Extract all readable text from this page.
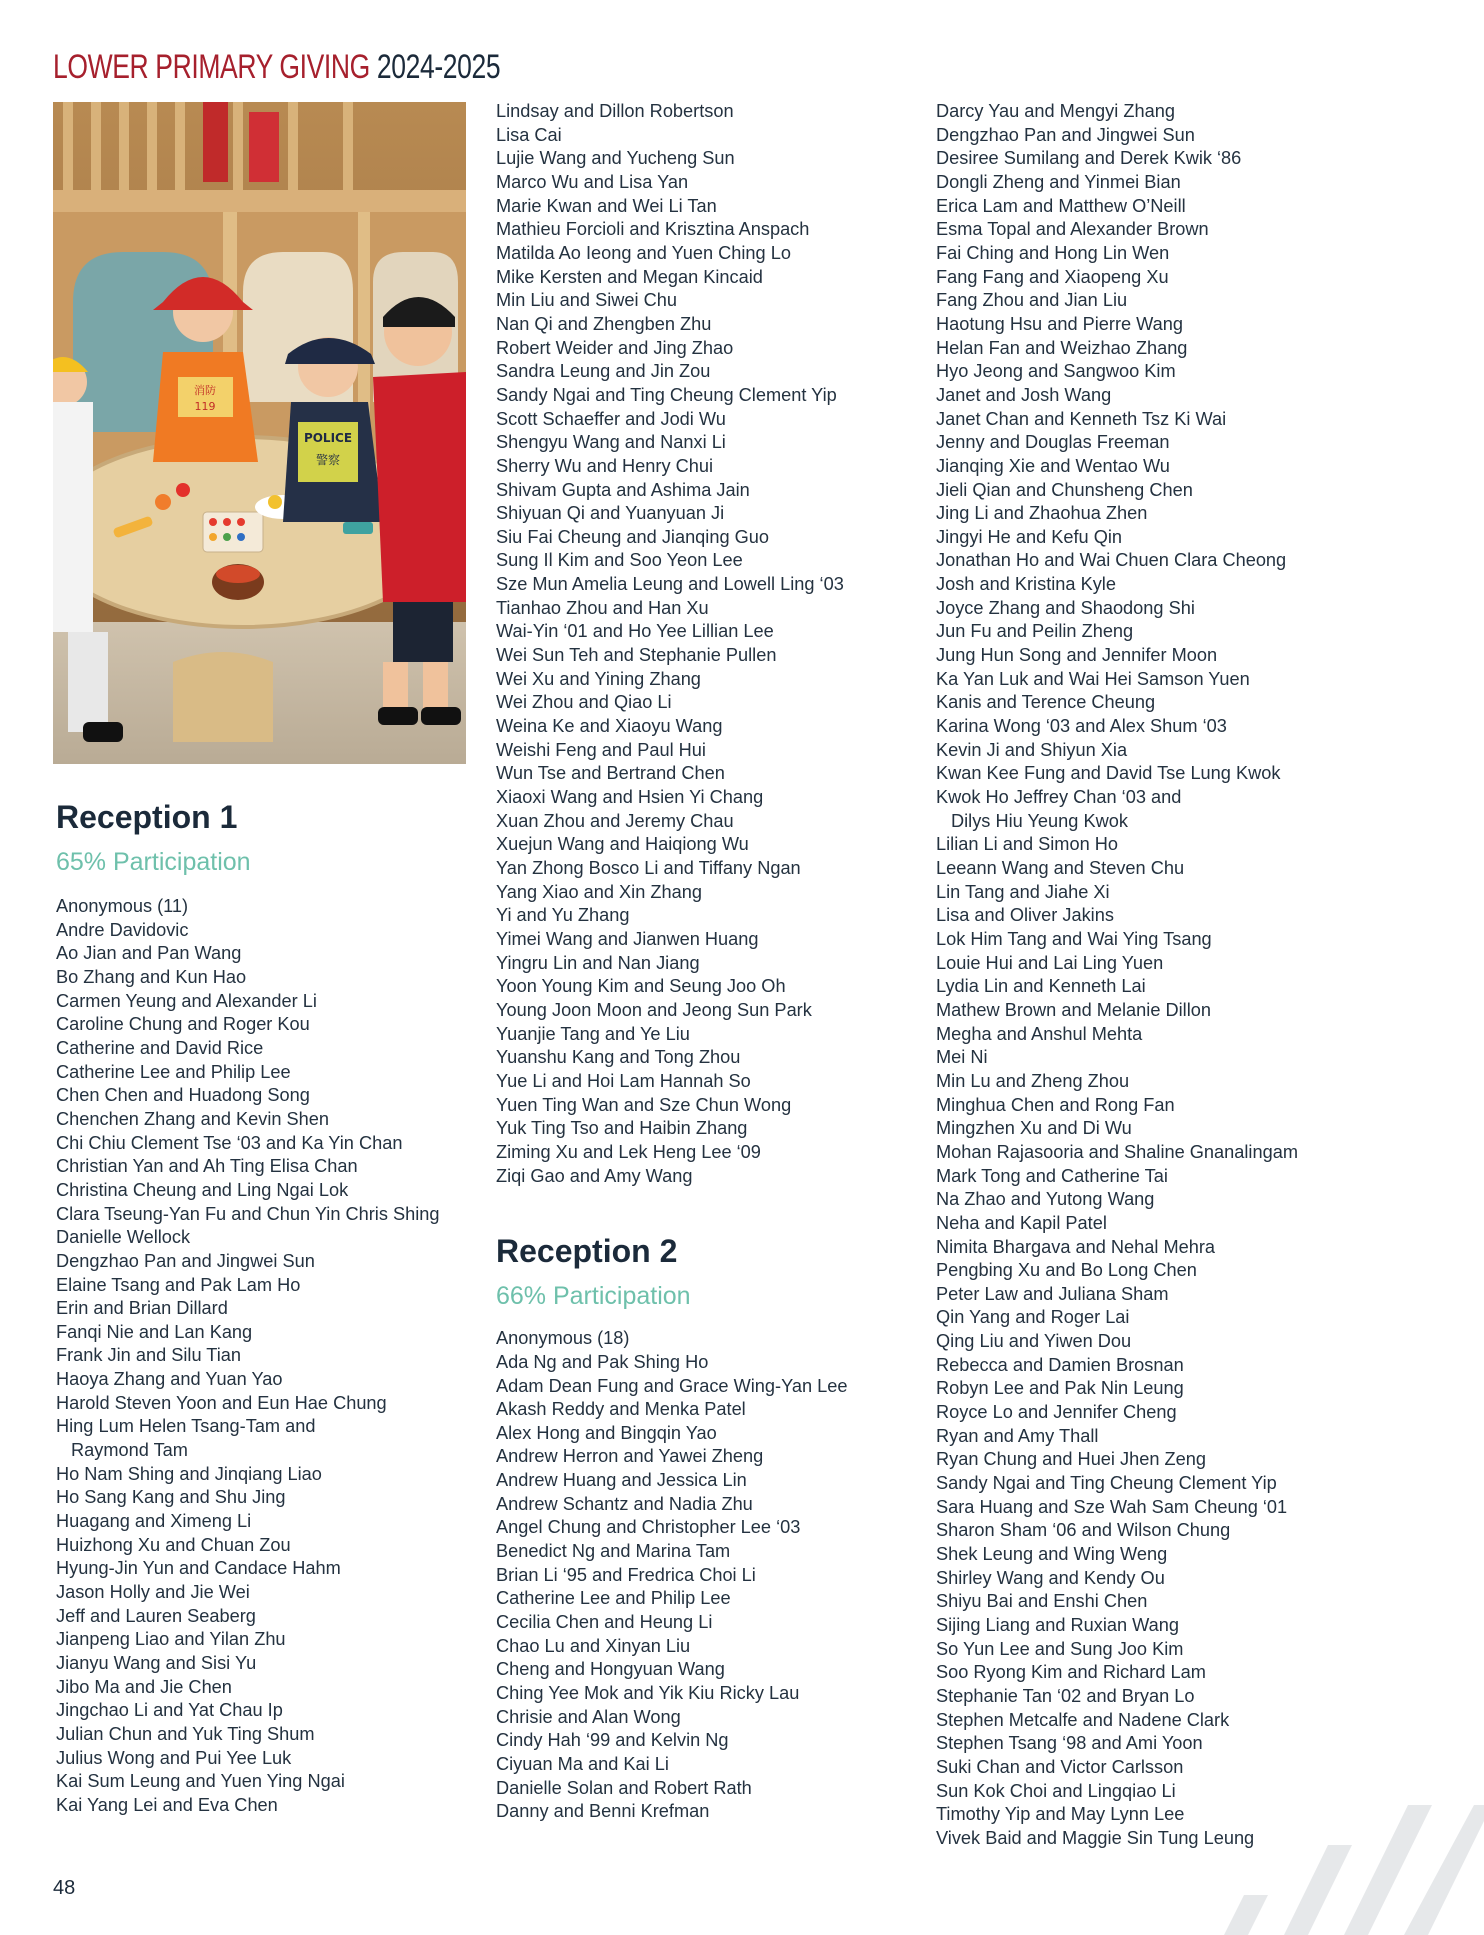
LOWER PRIMARY GIVING 2024-2025
消防
119
POLICE
警察
Reception 1
65% Participation
Anonymous (11)
Andre Davidovic
Ao Jian and Pan Wang
Bo Zhang and Kun Hao
Carmen Yeung and Alexander Li
Caroline Chung and Roger Kou
Catherine and David Rice
Catherine Lee and Philip Lee
Chen Chen and Huadong Song
Chenchen Zhang and Kevin Shen
Chi Chiu Clement Tse ‘03 and Ka Yin Chan
Christian Yan and Ah Ting Elisa Chan
Christina Cheung and Ling Ngai Lok
Clara Tseung-Yan Fu and Chun Yin Chris Shing
Danielle Wellock
Dengzhao Pan and Jingwei Sun
Elaine Tsang and Pak Lam Ho
Erin and Brian Dillard
Fanqi Nie and Lan Kang
Frank Jin and Silu Tian
Haoya Zhang and Yuan Yao
Harold Steven Yoon and Eun Hae Chung
Hing Lum Helen Tsang-Tam and
Raymond Tam
Ho Nam Shing and Jinqiang Liao
Ho Sang Kang and Shu Jing
Huagang and Ximeng Li
Huizhong Xu and Chuan Zou
Hyung-Jin Yun and Candace Hahm
Jason Holly and Jie Wei
Jeff and Lauren Seaberg
Jianpeng Liao and Yilan Zhu
Jianyu Wang and Sisi Yu
Jibo Ma and Jie Chen
Jingchao Li and Yat Chau Ip
Julian Chun and Yuk Ting Shum
Julius Wong and Pui Yee Luk
Kai Sum Leung and Yuen Ying Ngai
Kai Yang Lei and Eva Chen
Lindsay and Dillon Robertson
Lisa Cai
Lujie Wang and Yucheng Sun
Marco Wu and Lisa Yan
Marie Kwan and Wei Li Tan
Mathieu Forcioli and Krisztina Anspach
Matilda Ao Ieong and Yuen Ching Lo
Mike Kersten and Megan Kincaid
Min Liu and Siwei Chu
Nan Qi and Zhengben Zhu
Robert Weider and Jing Zhao
Sandra Leung and Jin Zou
Sandy Ngai and Ting Cheung Clement Yip
Scott Schaeffer and Jodi Wu
Shengyu Wang and Nanxi Li
Sherry Wu and Henry Chui
Shivam Gupta and Ashima Jain
Shiyuan Qi and Yuanyuan Ji
Siu Fai Cheung and Jianqing Guo
Sung Il Kim and Soo Yeon Lee
Sze Mun Amelia Leung and Lowell Ling ‘03
Tianhao Zhou and Han Xu
Wai-Yin ‘01 and Ho Yee Lillian Lee
Wei Sun Teh and Stephanie Pullen
Wei Xu and Yining Zhang
Wei Zhou and Qiao Li
Weina Ke and Xiaoyu Wang
Weishi Feng and Paul Hui
Wun Tse and Bertrand Chen
Xiaoxi Wang and Hsien Yi Chang
Xuan Zhou and Jeremy Chau
Xuejun Wang and Haiqiong Wu
Yan Zhong Bosco Li and Tiffany Ngan
Yang Xiao and Xin Zhang
Yi and Yu Zhang
Yimei Wang and Jianwen Huang
Yingru Lin and Nan Jiang
Yoon Young Kim and Seung Joo Oh
Young Joon Moon and Jeong Sun Park
Yuanjie Tang and Ye Liu
Yuanshu Kang and Tong Zhou
Yue Li and Hoi Lam Hannah So
Yuen Ting Wan and Sze Chun Wong
Yuk Ting Tso and Haibin Zhang
Ziming Xu and Lek Heng Lee ‘09
Ziqi Gao and Amy Wang
Reception 2
66% Participation
Anonymous (18)
Ada Ng and Pak Shing Ho
Adam Dean Fung and Grace Wing-Yan Lee
Akash Reddy and Menka Patel
Alex Hong and Bingqin Yao
Andrew Herron and Yawei Zheng
Andrew Huang and Jessica Lin
Andrew Schantz and Nadia Zhu
Angel Chung and Christopher Lee ‘03
Benedict Ng and Marina Tam
Brian Li ‘95 and Fredrica Choi Li
Catherine Lee and Philip Lee
Cecilia Chen and Heung Li
Chao Lu and Xinyan Liu
Cheng and Hongyuan Wang
Ching Yee Mok and Yik Kiu Ricky Lau
Chrisie and Alan Wong
Cindy Hah ‘99 and Kelvin Ng
Ciyuan Ma and Kai Li
Danielle Solan and Robert Rath
Danny and Benni Krefman
Darcy Yau and Mengyi Zhang
Dengzhao Pan and Jingwei Sun
Desiree Sumilang and Derek Kwik ‘86
Dongli Zheng and Yinmei Bian
Erica Lam and Matthew O’Neill
Esma Topal and Alexander Brown
Fai Ching and Hong Lin Wen
Fang Fang and Xiaopeng Xu
Fang Zhou and Jian Liu
Haotung Hsu and Pierre Wang
Helan Fan and Weizhao Zhang
Hyo Jeong and Sangwoo Kim
Janet and Josh Wang
Janet Chan and Kenneth Tsz Ki Wai
Jenny and Douglas Freeman
Jianqing Xie and Wentao Wu
Jieli Qian and Chunsheng Chen
Jing Li and Zhaohua Zhen
Jingyi He and Kefu Qin
Jonathan Ho and Wai Chuen Clara Cheong
Josh and Kristina Kyle
Joyce Zhang and Shaodong Shi
Jun Fu and Peilin Zheng
Jung Hun Song and Jennifer Moon
Ka Yan Luk and Wai Hei Samson Yuen
Kanis and Terence Cheung
Karina Wong ‘03 and Alex Shum ‘03
Kevin Ji and Shiyun Xia
Kwan Kee Fung and David Tse Lung Kwok
Kwok Ho Jeffrey Chan ‘03 and
Dilys Hiu Yeung Kwok
Lilian Li and Simon Ho
Leeann Wang and Steven Chu
Lin Tang and Jiahe Xi
Lisa and Oliver Jakins
Lok Him Tang and Wai Ying Tsang
Louie Hui and Lai Ling Yuen
Lydia Lin and Kenneth Lai
Mathew Brown and Melanie Dillon
Megha and Anshul Mehta
Mei Ni
Min Lu and Zheng Zhou
Minghua Chen and Rong Fan
Mingzhen Xu and Di Wu
Mohan Rajasooria and Shaline Gnanalingam
Mark Tong and Catherine Tai
Na Zhao and Yutong Wang
Neha and Kapil Patel
Nimita Bhargava and Nehal Mehra
Pengbing Xu and Bo Long Chen
Peter Law and Juliana Sham
Qin Yang and Roger Lai
Qing Liu and Yiwen Dou
Rebecca and Damien Brosnan
Robyn Lee and Pak Nin Leung
Royce Lo and Jennifer Cheng
Ryan and Amy Thall
Ryan Chung and Huei Jhen Zeng
Sandy Ngai and Ting Cheung Clement Yip
Sara Huang and Sze Wah Sam Cheung ‘01
Sharon Sham ‘06 and Wilson Chung
Shek Leung and Wing Weng
Shirley Wang and Kendy Ou
Shiyu Bai and Enshi Chen
Sijing Liang and Ruxian Wang
So Yun Lee and Sung Joo Kim
Soo Ryong Kim and Richard Lam
Stephanie Tan ‘02 and Bryan Lo
Stephen Metcalfe and Nadene Clark
Stephen Tsang ‘98 and Ami Yoon
Suki Chan and Victor Carlsson
Sun Kok Choi and Lingqiao Li
Timothy Yip and May Lynn Lee
Vivek Baid and Maggie Sin Tung Leung
48
